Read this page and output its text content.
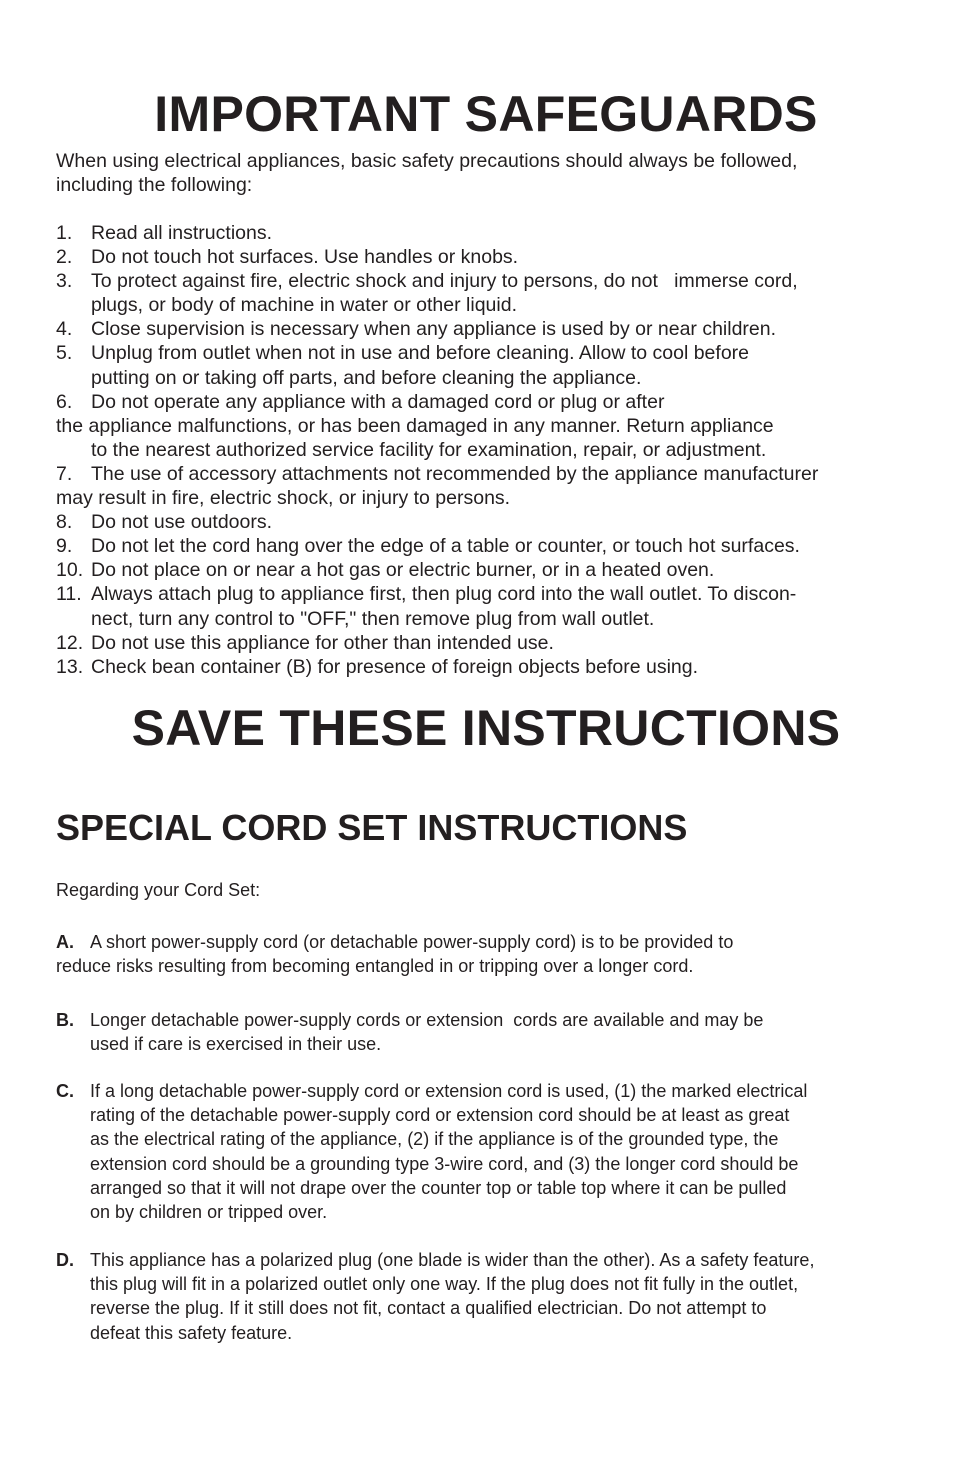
IMPORTANT SAFEGUARDS
When using electrical appliances, basic safety precautions should always be followed,
including the following:
1. Read all instructions.
2. Do not touch hot surfaces. Use handles or knobs.
3. To protect against fire, electric shock and injury to persons, do not   immerse cord,
plugs, or body of machine in water or other liquid.
4. Close supervision is necessary when any appliance is used by or near children.
5. Unplug from outlet when not in use and before cleaning. Allow to cool before
putting on or taking off parts, and before cleaning the appliance.
6. Do not operate any appliance with a damaged cord or plug or after
the appliance malfunctions, or has been damaged in any manner. Return appliance
to the nearest authorized service facility for examination, repair, or adjustment.
7. The use of accessory attachments not recommended by the appliance manufacturer
may result in fire, electric shock, or injury to persons.
8. Do not use outdoors.
9. Do not let the cord hang over the edge of a table or counter, or touch hot surfaces.
10. Do not place on or near a hot gas or electric burner, or in a heated oven.
11. Always attach plug to appliance first, then plug cord into the wall outlet. To discon-
nect, turn any control to "OFF," then remove plug from wall outlet.
12. Do not use this appliance for other than intended use.
13. Check bean container (B) for presence of foreign objects before using.
SAVE THESE INSTRUCTIONS
SPECIAL CORD SET INSTRUCTIONS

Regarding your Cord Set:

A. A short power-supply cord (or detachable power-supply cord) is to be provided to
reduce risks resulting from becoming entangled in or tripping over a longer cord.
B. Longer detachable power-supply cords or extension  cords are available and may be
used if care is exercised in their use.
C. If a long detachable power-supply cord or extension cord is used, (1) the marked electrical
rating of the detachable power-supply cord or extension cord should be at least as great
as the electrical rating of the appliance, (2) if the appliance is of the grounded type, the
extension cord should be a grounding type 3-wire cord, and (3) the longer cord should be
arranged so that it will not drape over the counter top or table top where it can be pulled
on by children or tripped over.
D. This appliance has a polarized plug (one blade is wider than the other). As a safety feature,
this plug will fit in a polarized outlet only one way. If the plug does not fit fully in the outlet,
reverse the plug. If it still does not fit, contact a qualified electrician. Do not attempt to
defeat this safety feature.
